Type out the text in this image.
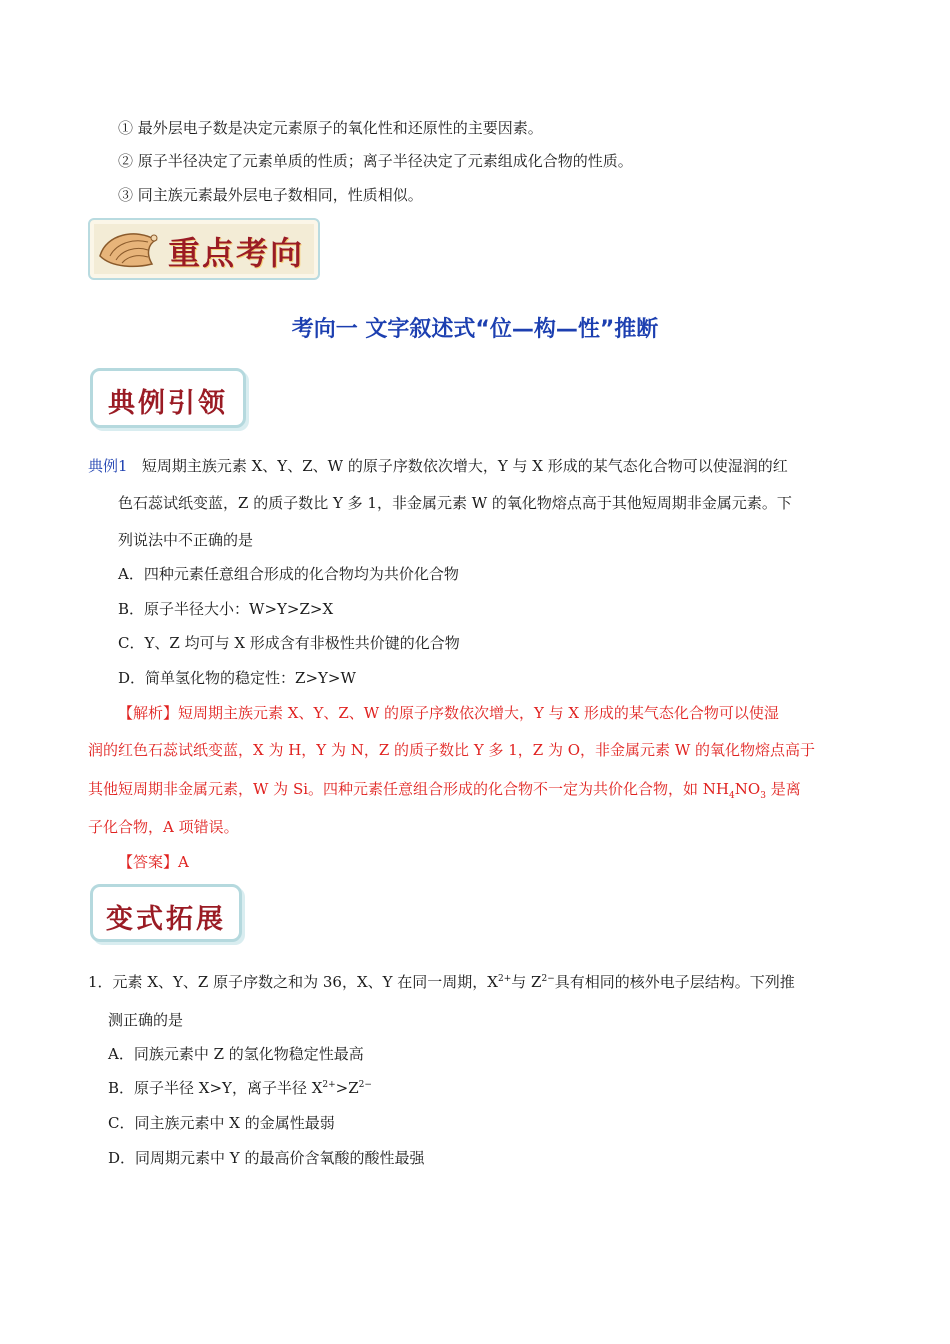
① 最外层电子数是决定元素原子的氧化性和还原性的主要因素。
② 原子半径决定了元素单质的性质；离子半径决定了元素组成化合物的性质。
③ 同主族元素最外层电子数相同，性质相似。
重点考向
考向一 文字叙述式“位—构—性”推断
典例引领
典例1 短周期主族元素 X、Y、Z、W 的原子序数依次增大，Y 与 X 形成的某气态化合物可以使湿润的红
色石蕊试纸变蓝，Z 的质子数比 Y 多 1，非金属元素 W 的氧化物熔点高于其他短周期非金属元素。下
列说法中不正确的是
A．四种元素任意组合形成的化合物均为共价化合物
B．原子半径大小：W>Y>Z>X
C．Y、Z 均可与 X 形成含有非极性共价键的化合物
D．简单氢化物的稳定性：Z>Y>W
【解析】短周期主族元素 X、Y、Z、W 的原子序数依次增大，Y 与 X 形成的某气态化合物可以使湿
润的红色石蕊试纸变蓝，X 为 H，Y 为 N，Z 的质子数比 Y 多 1，Z 为 O，非金属元素 W 的氧化物熔点高于
其他短周期非金属元素，W 为 Si。四种元素任意组合形成的化合物不一定为共价化合物，如 $NH_4NO_3$ 是离
子化合物，A 项错误。
【答案】A
变式拓展
1．元素 X、Y、Z 原子序数之和为 36，X、Y 在同一周期，$X^{2+}$与 $Z^{2-}$具有相同的核外电子层结构。下列推
测正确的是
A．同族元素中 Z 的氢化物稳定性最高
B．原子半径 X>Y，离子半径 $X^{2+}>Z^{2-}$
C．同主族元素中 X 的金属性最弱
D．同周期元素中 Y 的最高价含氧酸的酸性最强
